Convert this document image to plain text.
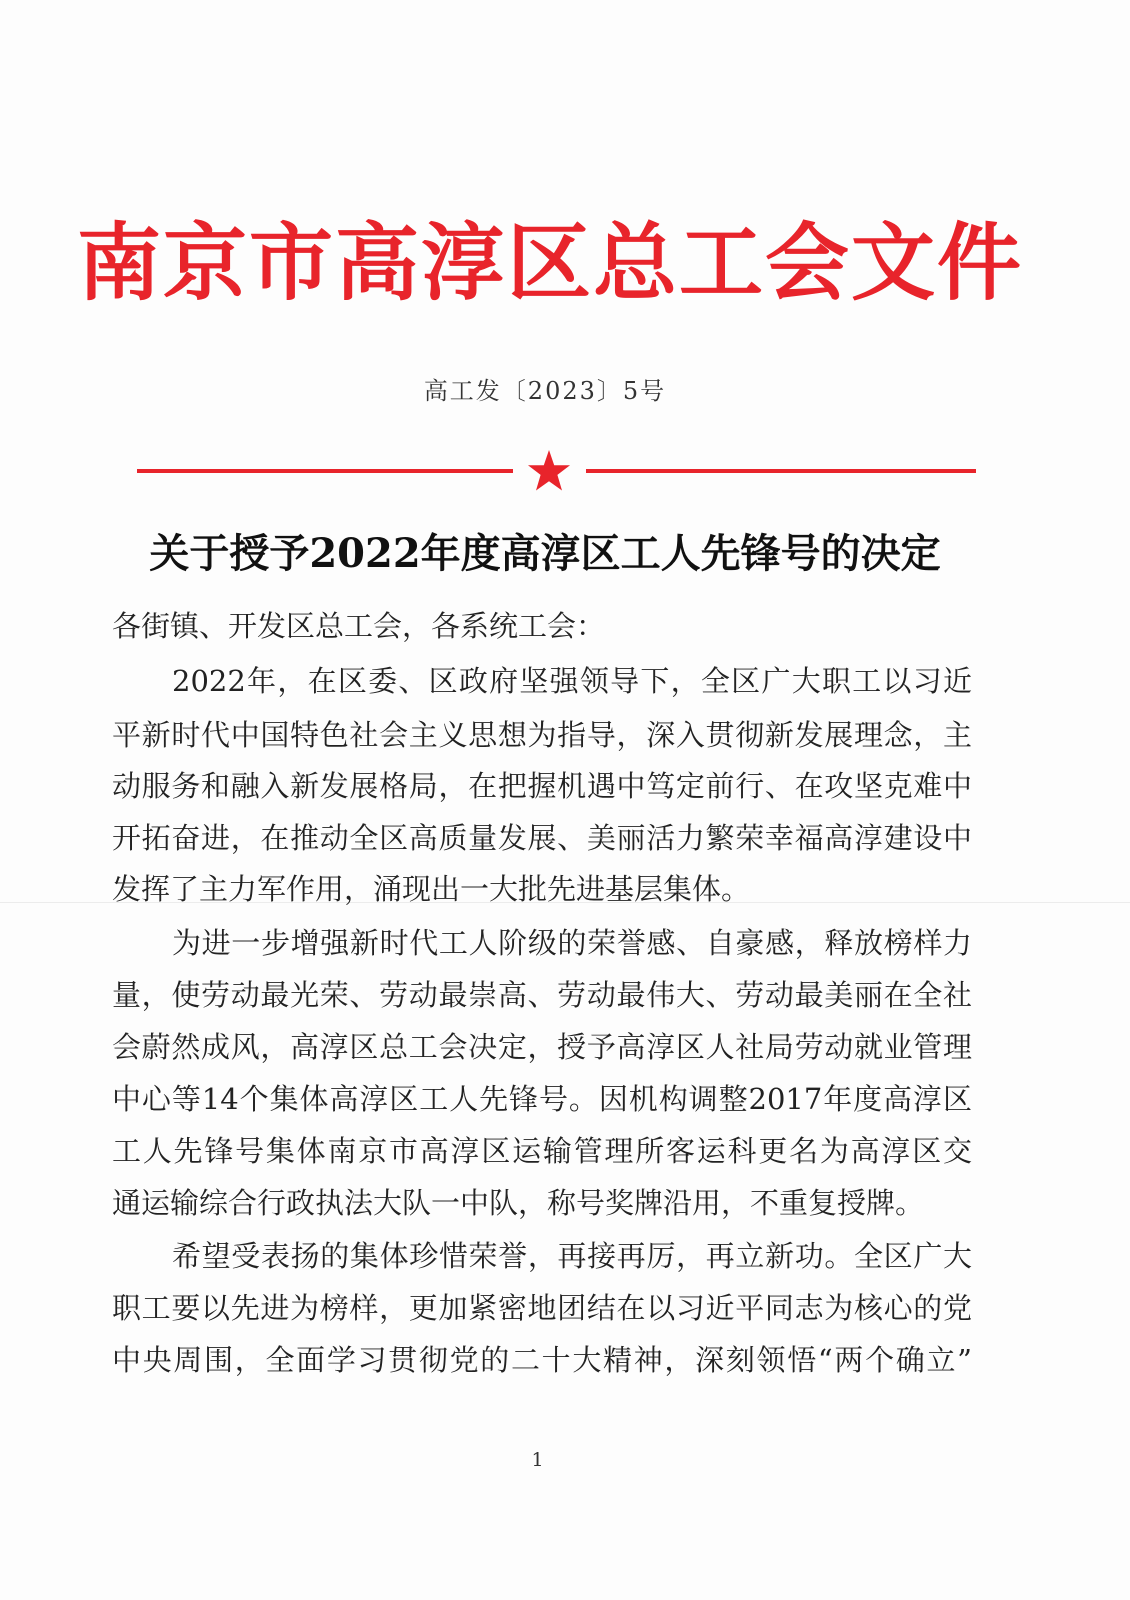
南京市高淳区总工会文件
高工发〔2023〕5号
关于授予2022年度高淳区工人先锋号的决定
各街镇、开发区总工会，各系统工会：
2022年，在区委、区政府坚强领导下，全区广大职工以习近
平新时代中国特色社会主义思想为指导，深入贯彻新发展理念，主
动服务和融入新发展格局，在把握机遇中笃定前行、在攻坚克难中
开拓奋进，在推动全区高质量发展、美丽活力繁荣幸福高淳建设中
发挥了主力军作用，涌现出一大批先进基层集体。
为进一步增强新时代工人阶级的荣誉感、自豪感，释放榜样力
量，使劳动最光荣、劳动最崇高、劳动最伟大、劳动最美丽在全社
会蔚然成风，高淳区总工会决定，授予高淳区人社局劳动就业管理
中心等14个集体高淳区工人先锋号。因机构调整2017年度高淳区
工人先锋号集体南京市高淳区运输管理所客运科更名为高淳区交
通运输综合行政执法大队一中队，称号奖牌沿用，不重复授牌。
希望受表扬的集体珍惜荣誉，再接再厉，再立新功。全区广大
职工要以先进为榜样，更加紧密地团结在以习近平同志为核心的党
中央周围，全面学习贯彻党的二十大精神，深刻领悟“两个确立”
1
